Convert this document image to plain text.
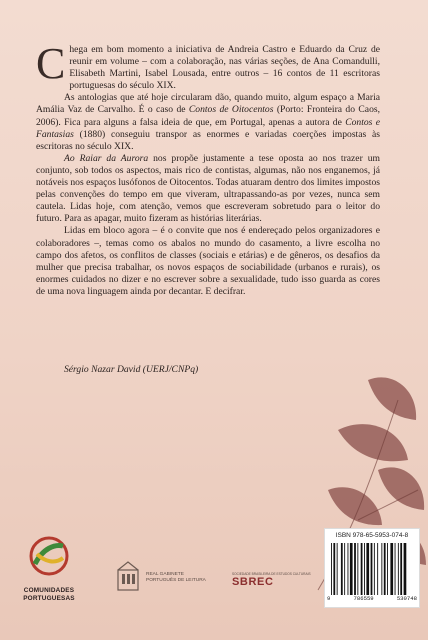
Chega em bom momento a iniciativa de Andreia Castro e Eduardo da Cruz de reunir em volume – com a colaboração, nas várias seções, de Ana Comandulli, Elisabeth Martini, Isabel Lousada, entre outros – 16 contos de 11 escritoras portuguesas do século XIX.

As antologias que até hoje circularam dão, quando muito, algum espaço a Maria Amália Vaz de Carvalho. É o caso de Contos de Oitocentos (Porto: Fronteira do Caos, 2006). Fica para alguns a falsa ideia de que, em Portugal, apenas a autora de Contos e Fantasias (1880) conseguiu transpor as enormes e variadas coerções impostas às escritoras no século XIX.

Ao Raiar da Aurora nos propõe justamente a tese oposta ao nos trazer um conjunto, sob todos os aspectos, mais rico de contistas, algumas, não nos enganemos, já notáveis nos espaços lusófonos de Oitocentos. Todas atuaram dentro dos limites impostos pelas convenções do tempo em que viveram, ultrapassando-as por vezes, nunca sem cautela. Lidas hoje, com atenção, vemos que escreveram sobretudo para o leitor do futuro. Para as apagar, muito fizeram as histórias literárias.

Lidas em bloco agora – é o convite que nos é endereçado pelos organizadores e colaboradores –, temas como os abalos no mundo do casamento, a livre escolha no campo dos afetos, os conflitos de classes (sociais e etárias) e de gêneros, os desafios da mulher que precisa trabalhar, os novos espaços de sociabilidade (urbanos e rurais), os enormes cuidados no dizer e no escrever sobre a sexualidade, tudo isso guarda as cores de uma nova linguagem ainda por decantar. E decifrar.

Sérgio Nazar David (UERJ/CNPq)
COMUNIDADES
PORTUGUESAS
REAL GABINETE
PORTUGUÊS DE LEITURA
SOCIEDADE BRASILEIRA DE ESTUDOS CULTURAIS
SBREC
ISBN 978-65-5953-074-8
9	786559	530748
